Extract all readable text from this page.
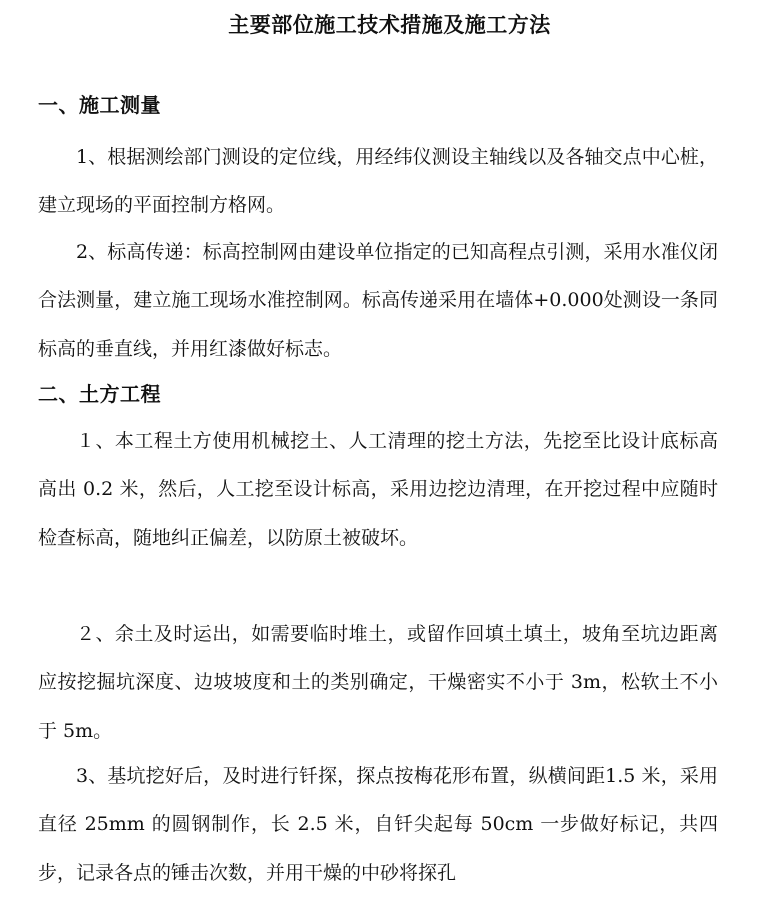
主要部位施工技术措施及施工方法
一、施工测量

1、根据测绘部门测设的定位线，用经纬仪测设主轴线以及各轴交点中心桩，建立现场的平面控制方格网。

2、标高传递：标高控制网由建设单位指定的已知高程点引测，采用水准仪闭合法测量，建立施工现场水准控制网。标高传递采用在墙体+0.000处测设一条同标高的垂直线，并用红漆做好标志。

二、土方工程

１、本工程土方使用机械挖土、人工清理的挖土方法，先挖至比设计底标高高出 0.2 米，然后，人工挖至设计标高，采用边挖边清理，在开挖过程中应随时检查标高，随地纠正偏差，以防原土被破坏。

２、余土及时运出，如需要临时堆土，或留作回填土填土，坡角至坑边距离应按挖掘坑深度、边坡坡度和土的类别确定，干燥密实不小于 3m，松软土不小于 5m。

3、基坑挖好后，及时进行钎探，探点按梅花形布置，纵横间距1.5 米，采用直径 25mm 的圆钢制作，长 2.5 米，自钎尖起每 50cm 一步做好标记，共四步，记录各点的锤击次数，并用干燥的中砂将探孔
